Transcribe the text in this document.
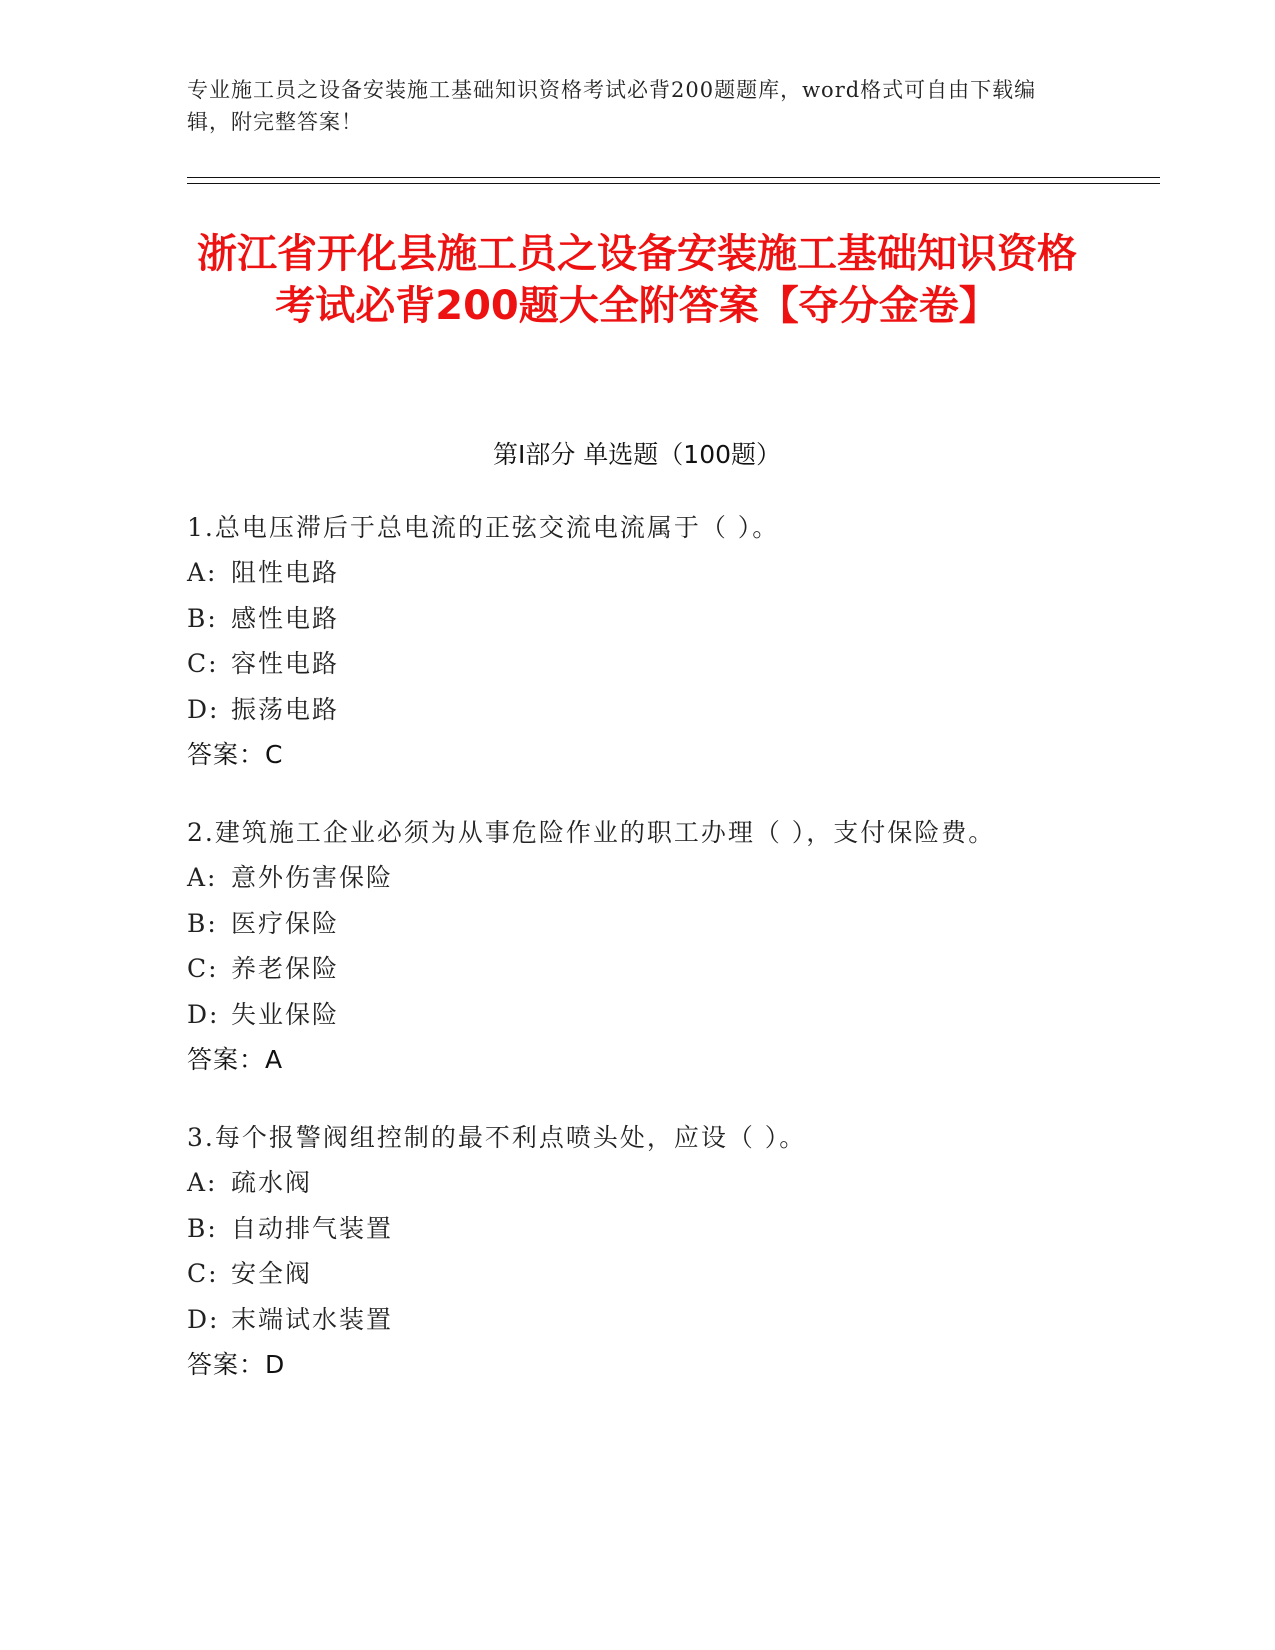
专业施工员之设备安装施工基础知识资格考试必背200题题库，word格式可自由下载编辑，附完整答案！
浙江省开化县施工员之设备安装施工基础知识资格考试必背200题大全附答案【夺分金卷】
第Ⅰ部分 单选题（100题）
1.总电压滞后于总电流的正弦交流电流属于（ ）。
A: 阻性电路
B: 感性电路
C: 容性电路
D: 振荡电路
答案：C
2.建筑施工企业必须为从事危险作业的职工办理（ ），支付保险费。
A: 意外伤害保险
B: 医疗保险
C: 养老保险
D: 失业保险
答案：A
3.每个报警阀组控制的最不利点喷头处，应设（ ）。
A: 疏水阀
B: 自动排气装置
C: 安全阀
D: 末端试水装置
答案：D
